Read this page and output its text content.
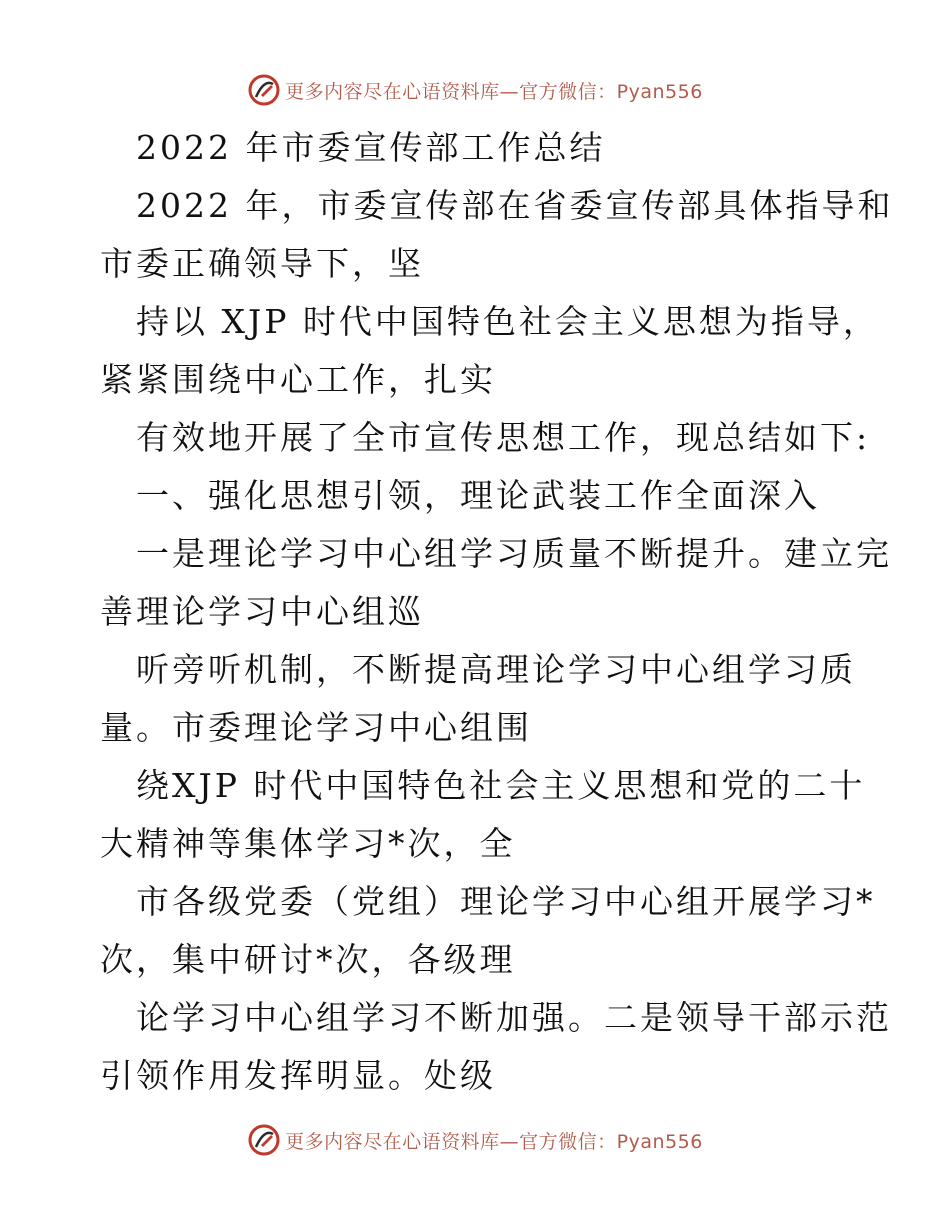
更多内容尽在心语资料库—官方微信：Pyan556
2022 年市委宣传部工作总结
2022 年，市委宣传部在省委宣传部具体指导和
市委正确领导下，坚
持以 XJP 时代中国特色社会主义思想为指导，
紧紧围绕中心工作，扎实
有效地开展了全市宣传思想工作，现总结如下:
一、强化思想引领，理论武装工作全面深入
一是理论学习中心组学习质量不断提升。建立完
善理论学习中心组巡
听旁听机制，不断提高理论学习中心组学习质
量。市委理论学习中心组围
绕XJP 时代中国特色社会主义思想和党的二十
大精神等集体学习*次，全
市各级党委（党组）理论学习中心组开展学习*
次，集中研讨*次，各级理
论学习中心组学习不断加强。二是领导干部示范
引领作用发挥明显。处级
更多内容尽在心语资料库—官方微信：Pyan556
